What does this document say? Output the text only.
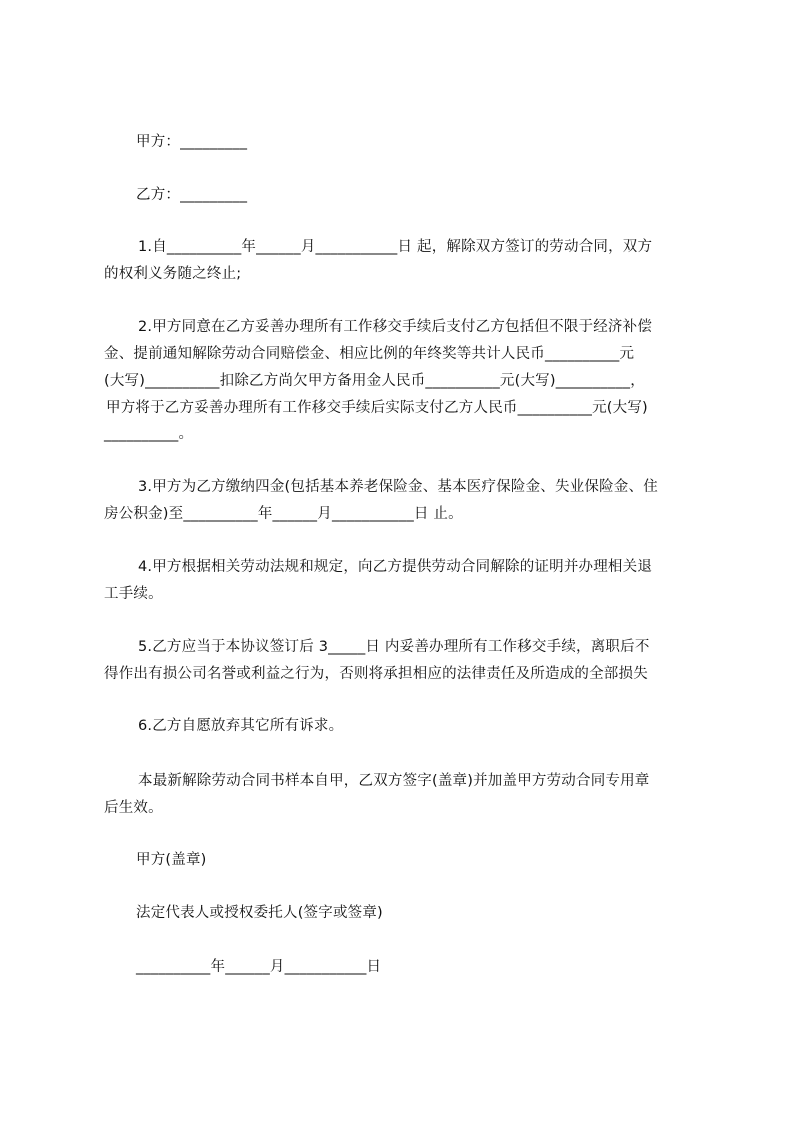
甲方：_________
乙方：_________
1.自__________年______月___________日 起，解除双方签订的劳动合同，双方
的权利义务随之终止;
2.甲方同意在乙方妥善办理所有工作移交手续后支付乙方包括但不限于经济补偿
金、提前通知解除劳动合同赔偿金、相应比例的年终奖等共计人民币__________元
(大写)__________扣除乙方尚欠甲方备用金人民币__________元(大写)__________，
甲方将于乙方妥善办理所有工作移交手续后实际支付乙方人民币__________元(大写)
__________。
3.甲方为乙方缴纳四金(包括基本养老保险金、基本医疗保险金、失业保险金、住
房公积金)至__________年______月___________日 止。
4.甲方根据相关劳动法规和规定，向乙方提供劳动合同解除的证明并办理相关退
工手续。
5.乙方应当于本协议签订后 3_____日 内妥善办理所有工作移交手续，离职后不
得作出有损公司名誉或利益之行为，否则将承担相应的法律责任及所造成的全部损失
6.乙方自愿放弃其它所有诉求。
本最新解除劳动合同书样本自甲，乙双方签字(盖章)并加盖甲方劳动合同专用章
后生效。
甲方(盖章)
法定代表人或授权委托人(签字或签章)
__________年______月___________日
